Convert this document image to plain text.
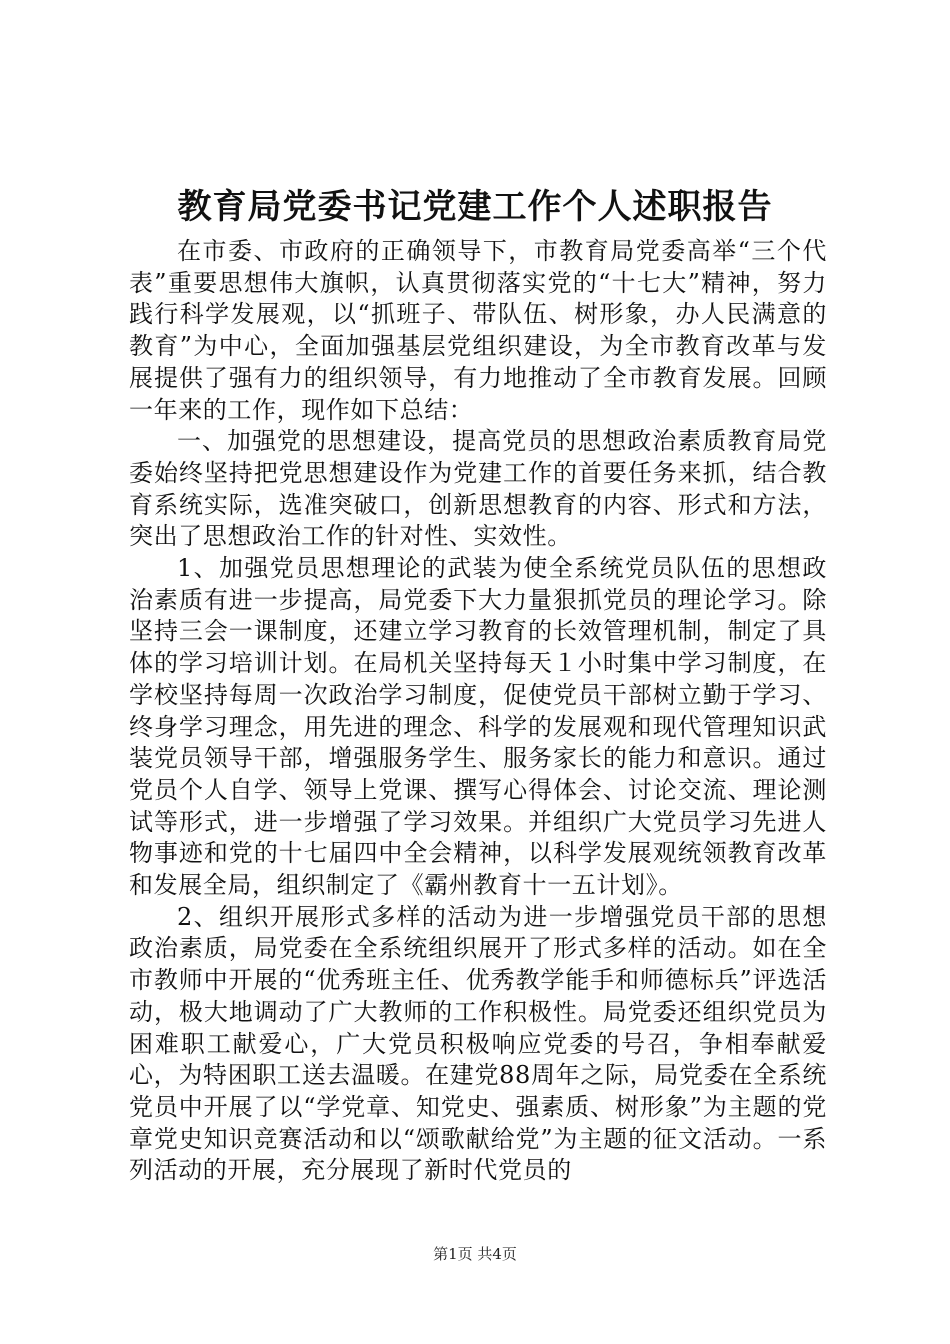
教育局党委书记党建工作个人述职报告

在市委、市政府的正确领导下，市教育局党委高举“三个代表”重要思想伟大旗帜，认真贯彻落实党的“十七大”精神，努力践行科学发展观，以“抓班子、带队伍、树形象，办人民满意的教育”为中心，全面加强基层党组织建设，为全市教育改革与发展提供了强有力的组织领导，有力地推动了全市教育发展。回顾一年来的工作，现作如下总结：

一、加强党的思想建设，提高党员的思想政治素质教育局党委始终坚持把党思想建设作为党建工作的首要任务来抓，结合教育系统实际，选准突破口，创新思想教育的内容、形式和方法，突出了思想政治工作的针对性、实效性。

1、加强党员思想理论的武装为使全系统党员队伍的思想政治素质有进一步提高，局党委下大力量狠抓党员的理论学习。除坚持三会一课制度，还建立学习教育的长效管理机制，制定了具体的学习培训计划。在局机关坚持每天１小时集中学习制度，在学校坚持每周一次政治学习制度，促使党员干部树立勤于学习、终身学习理念，用先进的理念、科学的发展观和现代管理知识武装党员领导干部，增强服务学生、服务家长的能力和意识。通过党员个人自学、领导上党课、撰写心得体会、讨论交流、理论测试等形式，进一步增强了学习效果。并组织广大党员学习先进人物事迹和党的十七届四中全会精神，以科学发展观统领教育改革和发展全局，组织制定了《霸州教育十一五计划》。

2、组织开展形式多样的活动为进一步增强党员干部的思想政治素质，局党委在全系统组织展开了形式多样的活动。如在全市教师中开展的“优秀班主任、优秀教学能手和师德标兵”评选活动，极大地调动了广大教师的工作积极性。局党委还组织党员为困难职工献爱心，广大党员积极响应党委的号召，争相奉献爱心，为特困职工送去温暖。在建党88周年之际，局党委在全系统党员中开展了以“学党章、知党史、强素质、树形象”为主题的党章党史知识竞赛活动和以“颂歌献给党”为主题的征文活动。一系列活动的开展，充分展现了新时代党员的

第1页 共4页
